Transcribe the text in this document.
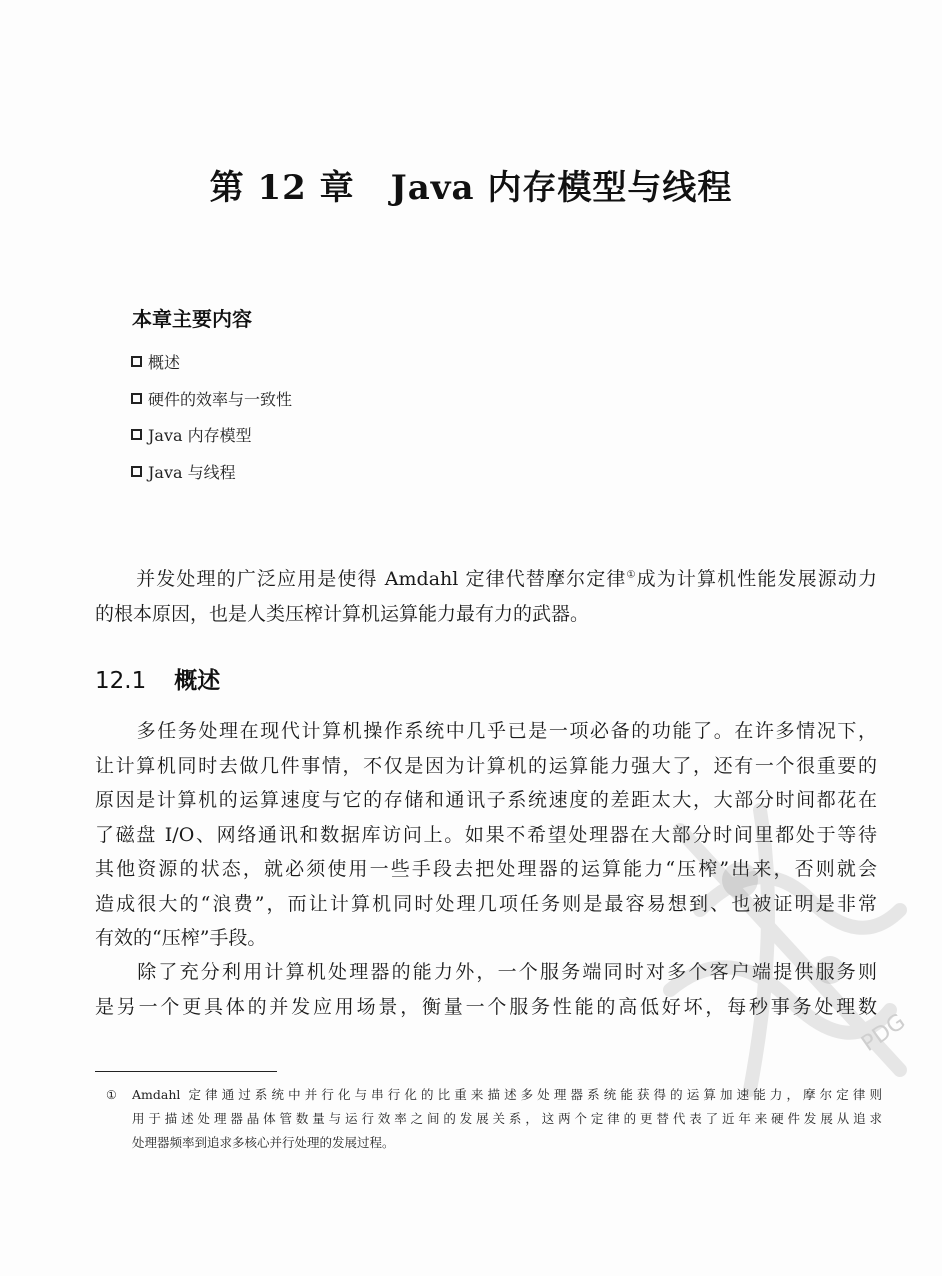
第 12 章 Java 内存模型与线程
本章主要内容
概述
硬件的效率与一致性
Java 内存模型
Java 与线程
并发处理的广泛应用是使得 Amdahl 定律代替摩尔定律①成为计算机性能发展源动力
的根本原因，也是人类压榨计算机运算能力最有力的武器。
12.1 概述
多任务处理在现代计算机操作系统中几乎已是一项必备的功能了。在许多情况下，
让计算机同时去做几件事情，不仅是因为计算机的运算能力强大了，还有一个很重要的
原因是计算机的运算速度与它的存储和通讯子系统速度的差距太大，大部分时间都花在
了磁盘 I/O、网络通讯和数据库访问上。如果不希望处理器在大部分时间里都处于等待
其他资源的状态，就必须使用一些手段去把处理器的运算能力“压榨”出来，否则就会
造成很大的“浪费”，而让计算机同时处理几项任务则是最容易想到、也被证明是非常
有效的“压榨”手段。
除了充分利用计算机处理器的能力外，一个服务端同时对多个客户端提供服务则
是另一个更具体的并发应用场景，衡量一个服务性能的高低好坏，每秒事务处理数
① Amdahl 定律通过系统中并行化与串行化的比重来描述多处理器系统能获得的运算加速能力，摩尔定律则
用于描述处理器晶体管数量与运行效率之间的发展关系，这两个定律的更替代表了近年来硬件发展从追求
处理器频率到追求多核心并行处理的发展过程。
PDG
